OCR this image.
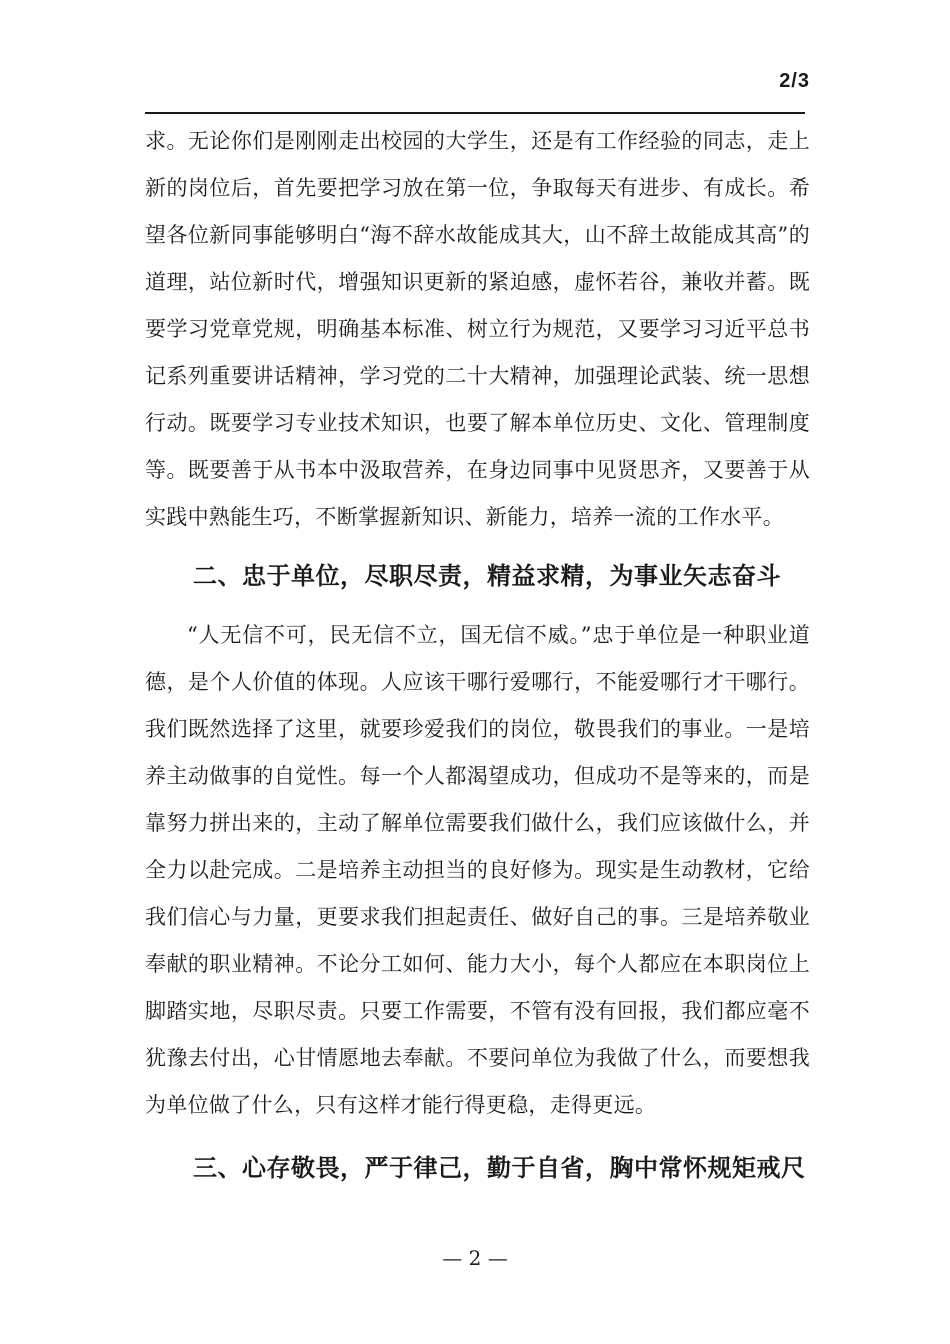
2/3

求。无论你们是刚刚走出校园的大学生，还是有工作经验的同志，走上新的岗位后，首先要把学习放在第一位，争取每天有进步、有成长。希望各位新同事能够明白“海不辞水故能成其大，山不辞土故能成其高”的道理，站位新时代，增强知识更新的紧迫感，虚怀若谷，兼收并蓄。既要学习党章党规，明确基本标准、树立行为规范，又要学习习近平总书记系列重要讲话精神，学习党的二十大精神，加强理论武装、统一思想行动。既要学习专业技术知识，也要了解本单位历史、文化、管理制度等。既要善于从书本中汲取营养，在身边同事中见贤思齐，又要善于从实践中熟能生巧，不断掌握新知识、新能力，培养一流的工作水平。

二、忠于单位，尽职尽责，精益求精，为事业矢志奋斗

“人无信不可，民无信不立，国无信不威。”忠于单位是一种职业道德，是个人价值的体现。人应该干哪行爱哪行，不能爱哪行才干哪行。我们既然选择了这里，就要珍爱我们的岗位，敬畏我们的事业。一是培养主动做事的自觉性。每一个人都渴望成功，但成功不是等来的，而是靠努力拼出来的，主动了解单位需要我们做什么，我们应该做什么，并全力以赴完成。二是培养主动担当的良好修为。现实是生动教材，它给我们信心与力量，更要求我们担起责任、做好自己的事。三是培养敬业奉献的职业精神。不论分工如何、能力大小，每个人都应在本职岗位上脚踏实地，尽职尽责。只要工作需要，不管有没有回报，我们都应毫不犹豫去付出，心甘情愿地去奉献。不要问单位为我做了什么，而要想我为单位做了什么，只有这样才能行得更稳，走得更远。

三、心存敬畏，严于律己，勤于自省，胸中常怀规矩戒尺
— 2 —
